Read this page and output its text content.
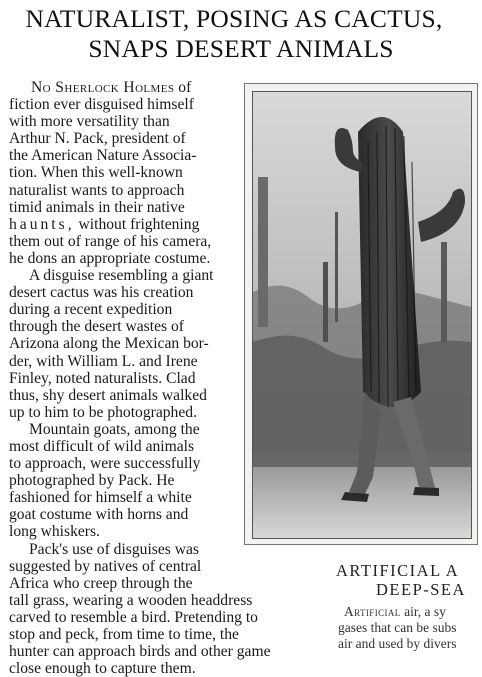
NATURALIST, POSING AS CACTUS,
SNAPS DESERT ANIMALS
No Sherlock Holmes of
fiction ever disguised himself
with more versatility than
Arthur N. Pack, president of
the American Nature Associa-
tion. When this well-known
naturalist wants to approach
timid animals in their native
haunts, without frightening
them out of range of his camera,
he dons an appropriate costume.
A disguise resembling a giant
desert cactus was his creation
during a recent expedition
through the desert wastes of
Arizona along the Mexican bor-
der, with William L. and Irene
Finley, noted naturalists. Clad
thus, shy desert animals walked
up to him to be photographed.
Mountain goats, among the
most difficult of wild animals
to approach, were successfully
photographed by Pack. He
fashioned for himself a white
goat costume with horns and
long whiskers.
Pack's use of disguises was
suggested by natives of central
Africa who creep through the
tall grass, wearing a wooden headdress
carved to resemble a bird. Pretending to
stop and peck, from time to time, the
hunter can approach birds and other game
close enough to capture them.
ARTIFICIAL A
DEEP-SEA
Artificial air, a sy
gases that can be subs
air and used by divers
